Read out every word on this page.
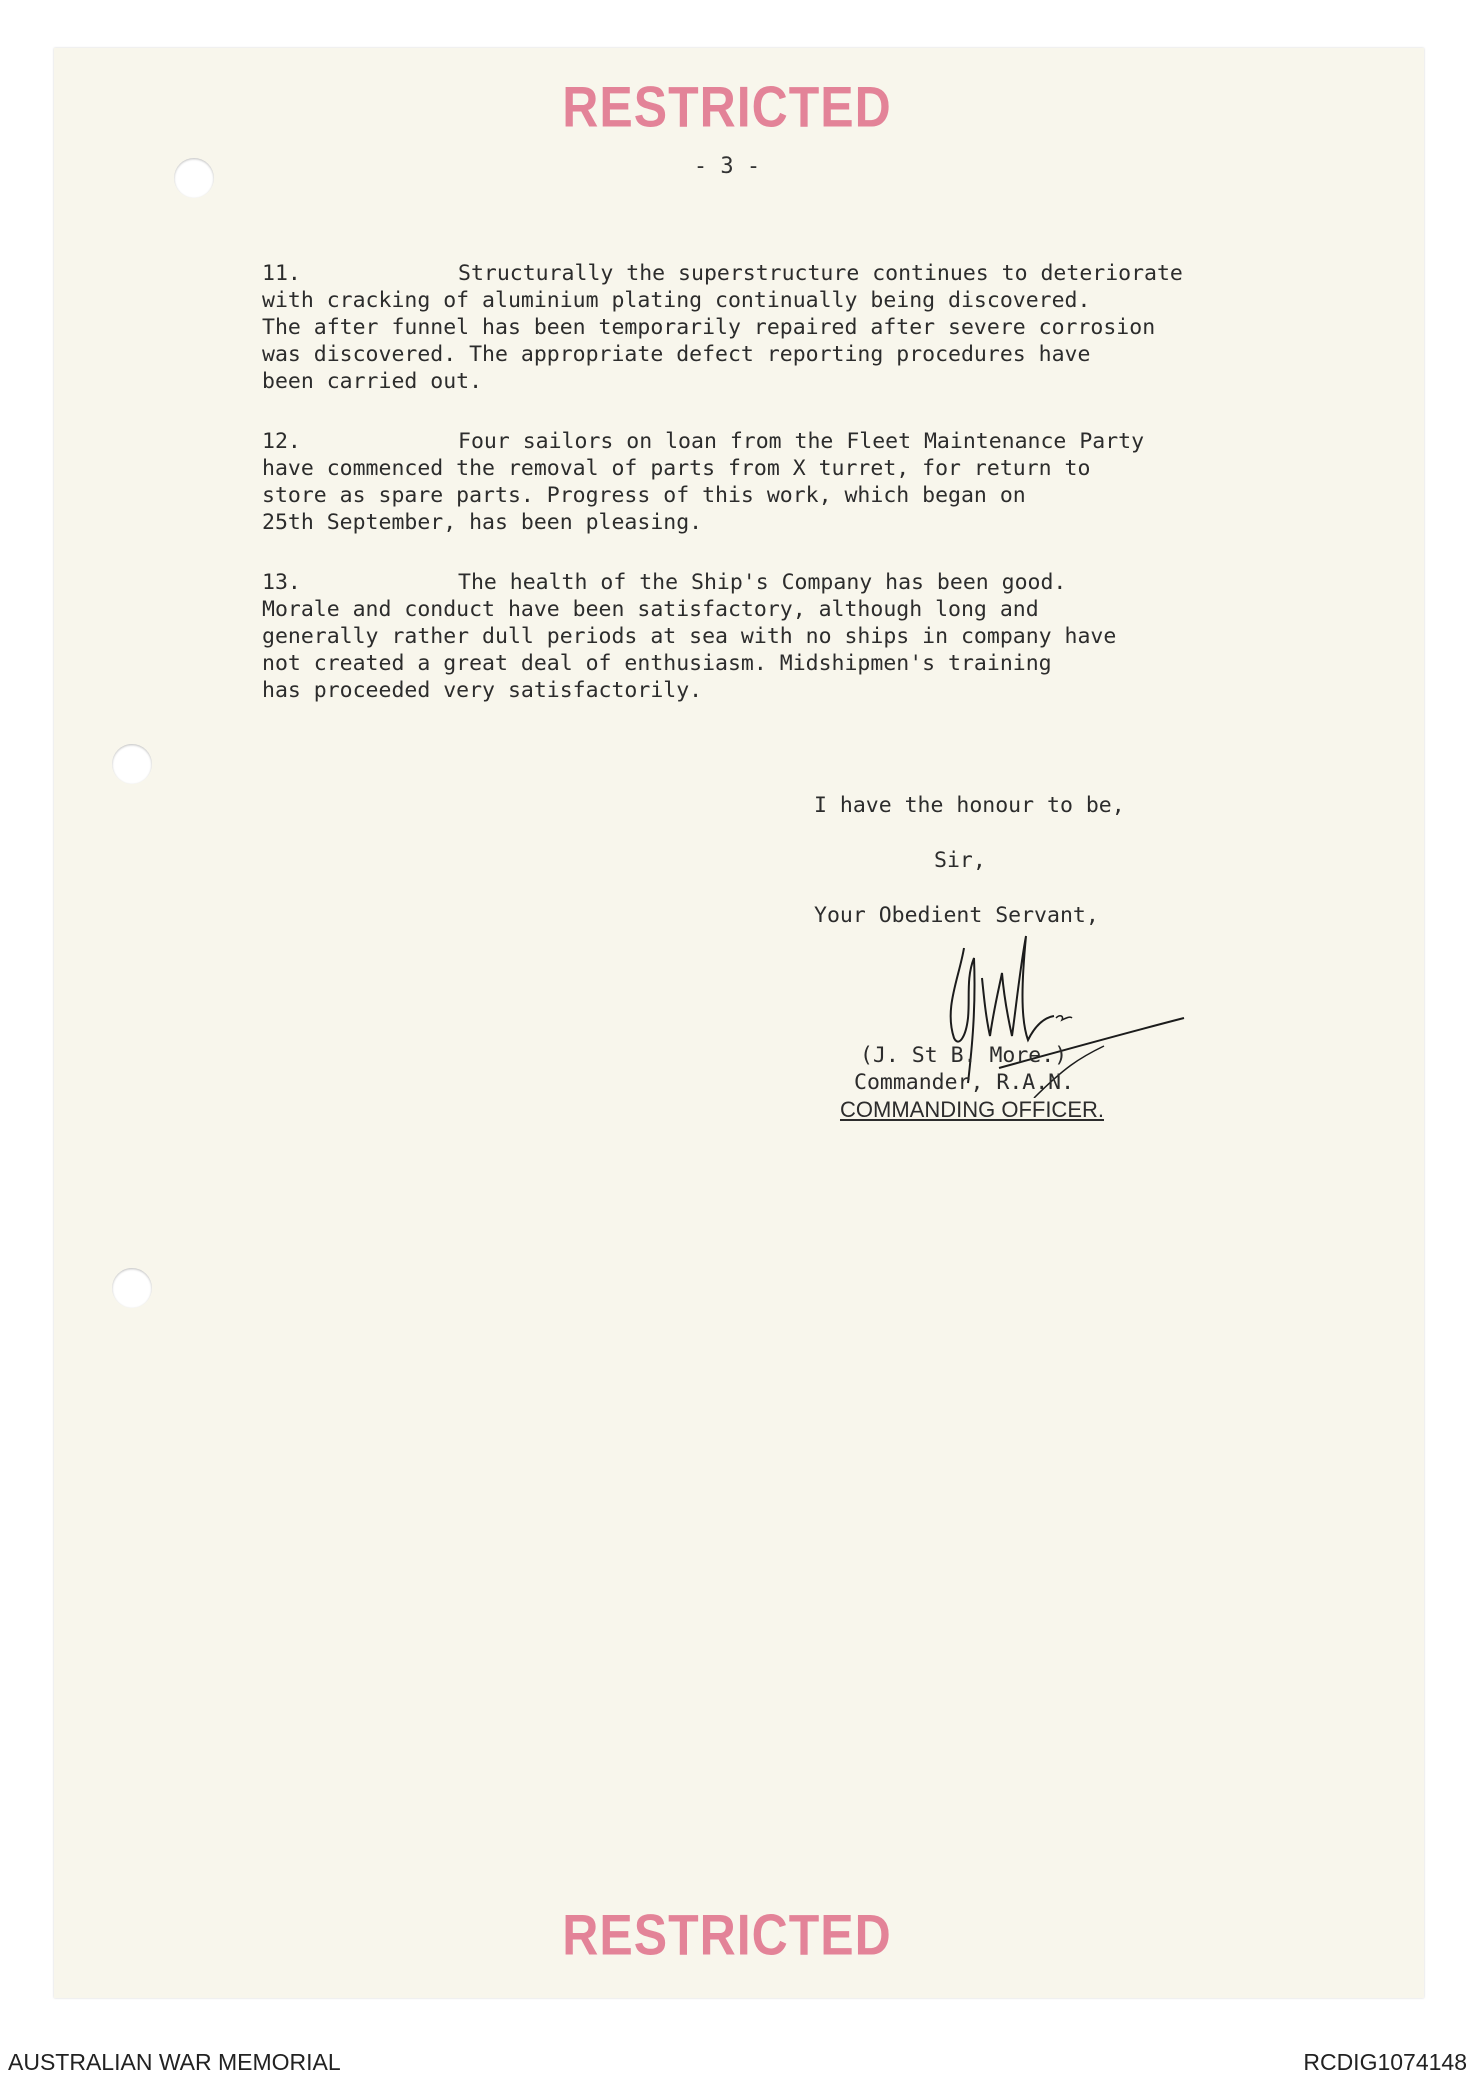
RESTRICTED
- 3 -
11.	Structurally the superstructure continues to deteriorate
with cracking of aluminium plating continually being discovered.
The after funnel has been temporarily repaired after severe corrosion
was discovered. The appropriate defect reporting procedures have
been carried out.

12.	Four sailors on loan from the Fleet Maintenance Party
have commenced the removal of parts from X turret, for return to
store as spare parts. Progress of this work, which began on
25th September, has been pleasing.

13.	The health of the Ship's Company has been good.
Morale and conduct have been satisfactory, although long and
generally rather dull periods at sea with no ships in company have
not created a great deal of enthusiasm. Midshipmen's training
has proceeded very satisfactorily.

I have the honour to be,
Sir,
Your Obedient Servant,
(J. St B. More.)
Commander, R.A.N.
COMMANDING OFFICER.
RESTRICTED
AUSTRALIAN WAR MEMORIAL	RCDIG1074148
